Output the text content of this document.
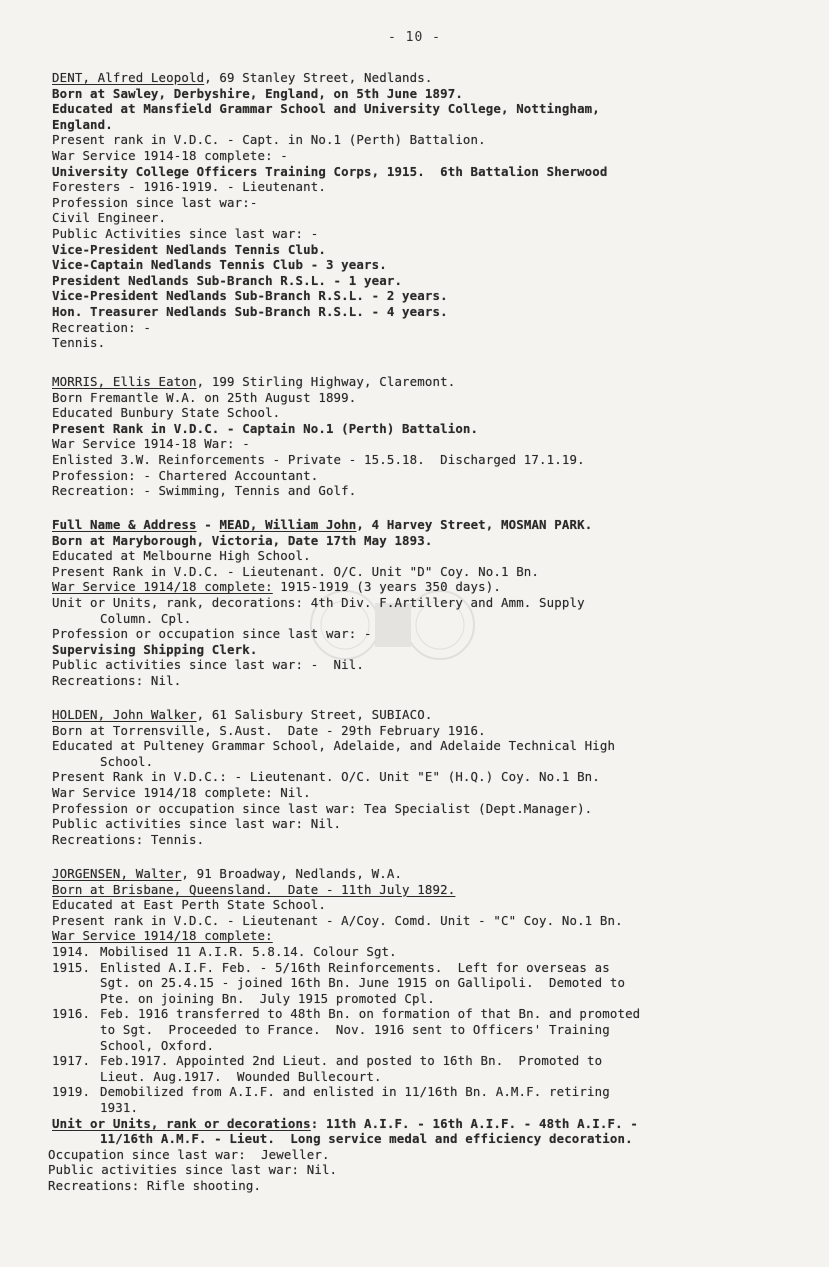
- 10 -
DENT, Alfred Leopold, 69 Stanley Street, Nedlands.
Born at Sawley, Derbyshire, England, on 5th June 1897.
Educated at Mansfield Grammar School and University College, Nottingham,
England.
Present rank in V.D.C. - Capt. in No.1 (Perth) Battalion.
War Service 1914-18 complete: -
University College Officers Training Corps, 1915.  6th Battalion Sherwood
Foresters - 1916-1919. - Lieutenant.
Profession since last war:-
Civil Engineer.
Public Activities since last war: -
Vice-President Nedlands Tennis Club.
Vice-Captain Nedlands Tennis Club - 3 years.
President Nedlands Sub-Branch R.S.L. - 1 year.
Vice-President Nedlands Sub-Branch R.S.L. - 2 years.
Hon. Treasurer Nedlands Sub-Branch R.S.L. - 4 years.
Recreation: -
Tennis.
MORRIS, Ellis Eaton, 199 Stirling Highway, Claremont.
Born Fremantle W.A. on 25th August 1899.
Educated Bunbury State School.
Present Rank in V.D.C. - Captain No.1 (Perth) Battalion.
War Service 1914-18 War: -
Enlisted 3.W. Reinforcements - Private - 15.5.18.  Discharged 17.1.19.
Profession: - Chartered Accountant.
Recreation: - Swimming, Tennis and Golf.
Full Name & Address - MEAD, William John, 4 Harvey Street, MOSMAN PARK.
Born at Maryborough, Victoria, Date 17th May 1893.
Educated at Melbourne High School.
Present Rank in V.D.C. - Lieutenant. O/C. Unit "D" Coy. No.1 Bn.
War Service 1914/18 complete: 1915-1919 (3 years 350 days).
Unit or Units, rank, decorations: 4th Div. F.Artillery and Amm. Supply
Column. Cpl.
Profession or occupation since last war: -
Supervising Shipping Clerk.
Public activities since last war: -  Nil.
Recreations: Nil.
HOLDEN, John Walker, 61 Salisbury Street, SUBIACO.
Born at Torrensville, S.Aust.  Date - 29th February 1916.
Educated at Pulteney Grammar School, Adelaide, and Adelaide Technical High
School.
Present Rank in V.D.C.: - Lieutenant. O/C. Unit "E" (H.Q.) Coy. No.1 Bn.
War Service 1914/18 complete: Nil.
Profession or occupation since last war: Tea Specialist (Dept.Manager).
Public activities since last war: Nil.
Recreations: Tennis.
JORGENSEN, Walter, 91 Broadway, Nedlands, W.A.
Born at Brisbane, Queensland.  Date - 11th July 1892.
Educated at East Perth State School.
Present rank in V.D.C. - Lieutenant - A/Coy. Comd. Unit - "C" Coy. No.1 Bn.
War Service 1914/18 complete:
1914. Mobilised 11 A.I.R. 5.8.14. Colour Sgt.
1915. Enlisted A.I.F. Feb. - 5/16th Reinforcements.  Left for overseas as
Sgt. on 25.4.15 - joined 16th Bn. June 1915 on Gallipoli.  Demoted to
Pte. on joining Bn.  July 1915 promoted Cpl.
1916. Feb. 1916 transferred to 48th Bn. on formation of that Bn. and promoted
to Sgt.  Proceeded to France.  Nov. 1916 sent to Officers' Training
School, Oxford.
1917. Feb.1917. Appointed 2nd Lieut. and posted to 16th Bn.  Promoted to
Lieut. Aug.1917.  Wounded Bullecourt.
1919. Demobilized from A.I.F. and enlisted in 11/16th Bn. A.M.F. retiring
1931.
Unit or Units, rank or decorations: 11th A.I.F. - 16th A.I.F. - 48th A.I.F. -
11/16th A.M.F. - Lieut.  Long service medal and efficiency decoration.
Occupation since last war:  Jeweller.
Public activities since last war: Nil.
Recreations: Rifle shooting.
